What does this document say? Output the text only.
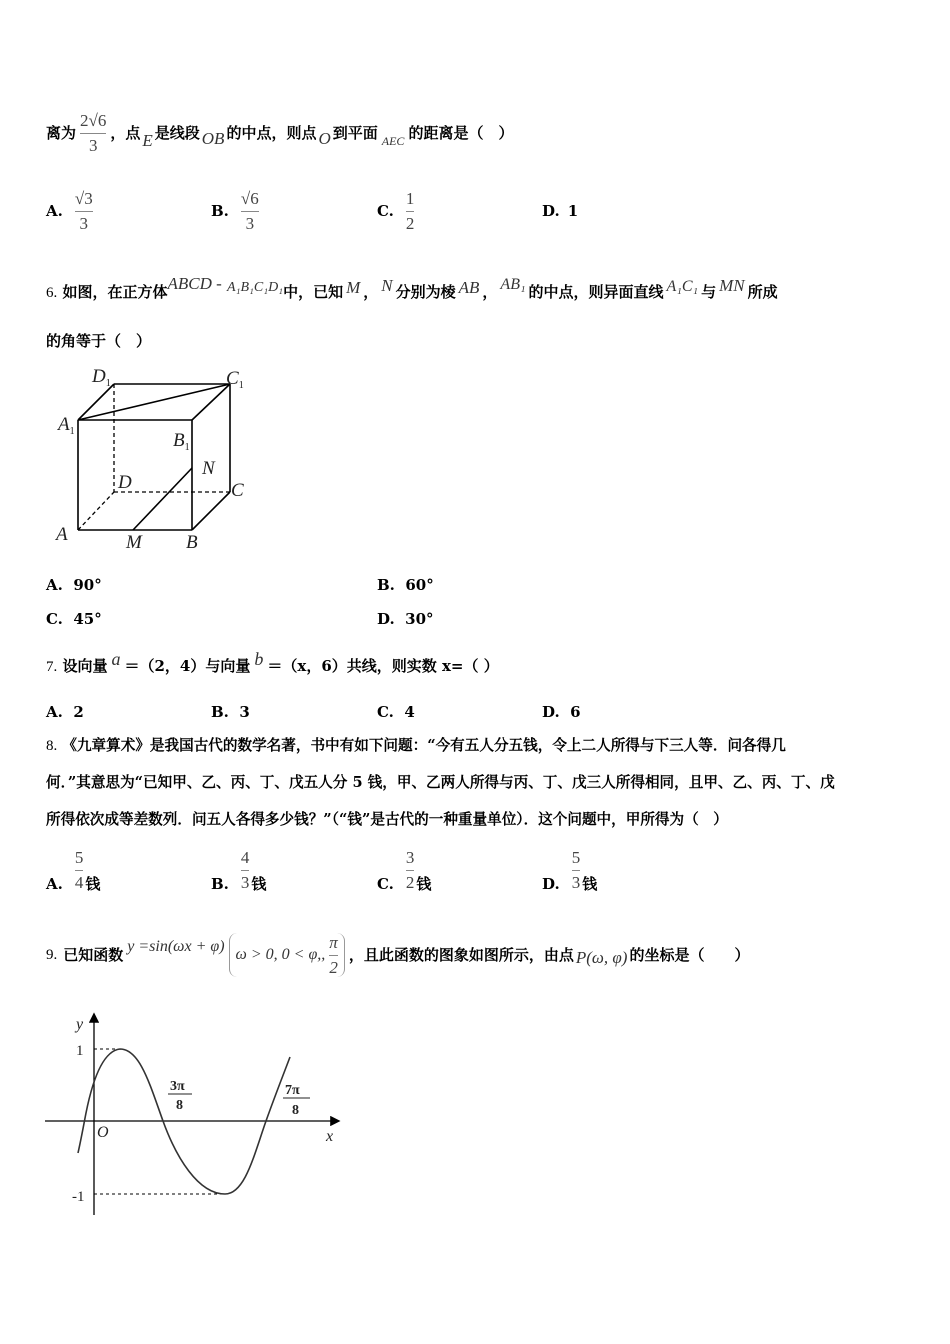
离为 $\frac{2√6}{3}$ ，点 E 是线段 OB 的中点，则点 O 到平面 AEC 的距离是（　）
A. $\frac{√3}{3}$	B. $\frac{√6}{3}$	C. $\frac{1}{2}$	D. 1
6. 如图，在正方体ABCD - A₁B₁C₁D₁中，已知 M ， N 分别为棱 AB ， AB₁ 的中点，则异面直线 A₁C₁ 与 MN 所成
的角等于（　）
$D_1$	$C_1$
$A_1$	$B_1$
N
D	C
A	M B
A. 90°	B. 60°
C. 45°	D. 30°
7. 设向量 a ＝（2，4）与向量 b ＝（x，6）共线，则实数 x=（ ）
A. 2	B. 3	C. 4	D. 6
8. 《九章算术》是我国古代的数学名著，书中有如下问题：“今有五人分五钱，令上二人所得与下三人等．问各得几
何．”其意思为“已知甲、乙、丙、丁、戊五人分 5 钱，甲、乙两人所得与丙、丁、戊三人所得相同，且甲、乙、丙、丁、戊
所得依次成等差数列．问五人各得多少钱？”（“钱”是古代的一种重量单位）．这个问题中，甲所得为（　）
A. $\frac{5}{4}$ 钱	B. $\frac{4}{3}$ 钱	C. $\frac{3}{2}$ 钱	D. $\frac{5}{3}$ 钱
9. 已知函数 y =sin(ωx + φ) ω > 0, 0 < φ,, $\frac{\pi}{2}$ ，且此函数的图象如图所示，由点 P(ω, φ) 的坐标是（　　）
y
x
O
1
-1
3π
8
7π
8
